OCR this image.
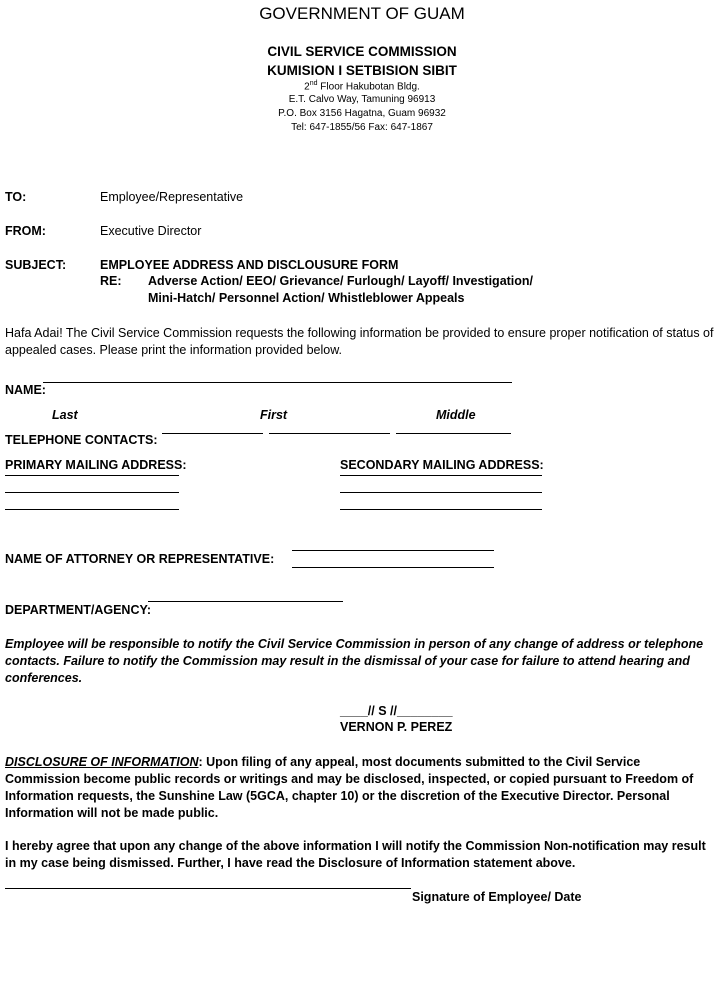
GOVERNMENT OF GUAM
CIVIL SERVICE COMMISSION
KUMISION I SETBISION SIBIT
2nd Floor Hakubotan Bldg.
E.T. Calvo Way, Tamuning 96913
P.O. Box 3156 Hagatna, Guam 96932
Tel: 647-1855/56 Fax: 647-1867
TO:	Employee/Representative
FROM:	Executive Director
SUBJECT:	EMPLOYEE ADDRESS AND DISCLOUSURE FORM
RE: Adverse Action/ EEO/ Grievance/ Furlough/ Layoff/ Investigation/
Mini-Hatch/ Personnel Action/ Whistleblower Appeals
Hafa Adai! The Civil Service Commission requests the following information be provided to ensure proper notification of status of appealed cases. Please print the information provided below.
NAME:
Last	First	Middle
TELEPHONE CONTACTS:
PRIMARY MAILING ADDRESS:	SECONDARY MAILING ADDRESS:
NAME OF ATTORNEY OR REPRESENTATIVE:
DEPARTMENT/AGENCY:
Employee will be responsible to notify the Civil Service Commission in person of any change of address or telephone contacts. Failure to notify the Commission may result in the dismissal of your case for failure to attend hearing and conferences.
____// S //________
VERNON P. PEREZ
DISCLOSURE OF INFORMATION: Upon filing of any appeal, most documents submitted to the Civil Service Commission become public records or writings and may be disclosed, inspected, or copied pursuant to Freedom of Information requests, the Sunshine Law (5GCA, chapter 10) or the discretion of the Executive Director. Personal Information will not be made public.
I hereby agree that upon any change of the above information I will notify the Commission Non-notification may result in my case being dismissed. Further, I have read the Disclosure of Information statement above.
Signature of Employee/ Date
